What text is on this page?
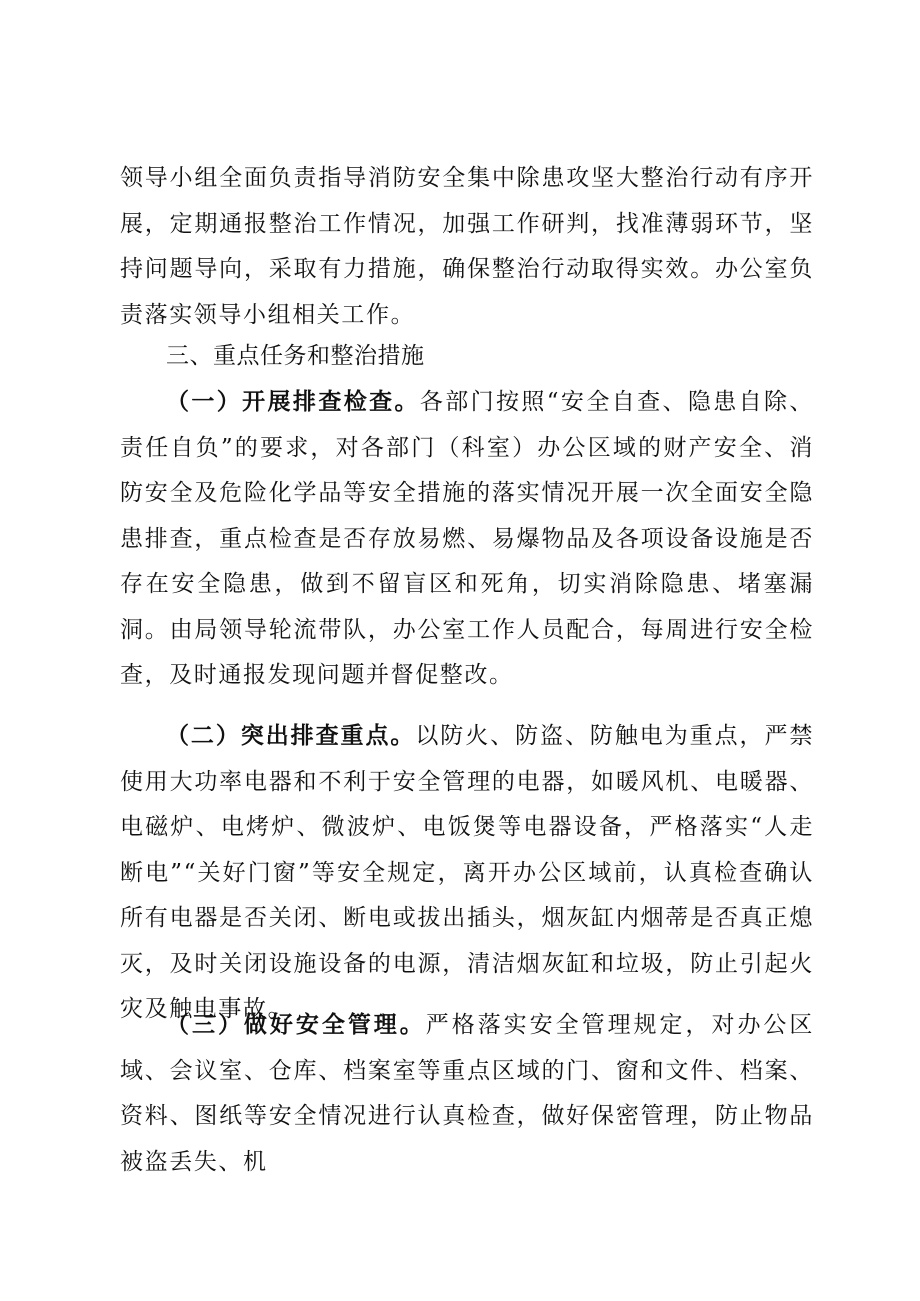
领导小组全面负责指导消防安全集中除患攻坚大整治行动有序开展，定期通报整治工作情况，加强工作研判，找准薄弱环节，坚持问题导向，采取有力措施，确保整治行动取得实效。办公室负责落实领导小组相关工作。

三、重点任务和整治措施

（一）开展排查检查。各部门按照“安全自查、隐患自除、责任自负”的要求，对各部门（科室）办公区域的财产安全、消防安全及危险化学品等安全措施的落实情况开展一次全面安全隐患排查，重点检查是否存放易燃、易爆物品及各项设备设施是否存在安全隐患，做到不留盲区和死角，切实消除隐患、堵塞漏洞。由局领导轮流带队，办公室工作人员配合，每周进行安全检查，及时通报发现问题并督促整改。

（二）突出排查重点。以防火、防盗、防触电为重点，严禁使用大功率电器和不利于安全管理的电器，如暖风机、电暖器、电磁炉、电烤炉、微波炉、电饭煲等电器设备，严格落实“人走断电”“关好门窗”等安全规定，离开办公区域前，认真检查确认所有电器是否关闭、断电或拔出插头，烟灰缸内烟蒂是否真正熄灭，及时关闭设施设备的电源，清洁烟灰缸和垃圾，防止引起火灾及触电事故。

（三）做好安全管理。严格落实安全管理规定，对办公区域、会议室、仓库、档案室等重点区域的门、窗和文件、档案、资料、图纸等安全情况进行认真检查，做好保密管理，防止物品被盗丢失、机
